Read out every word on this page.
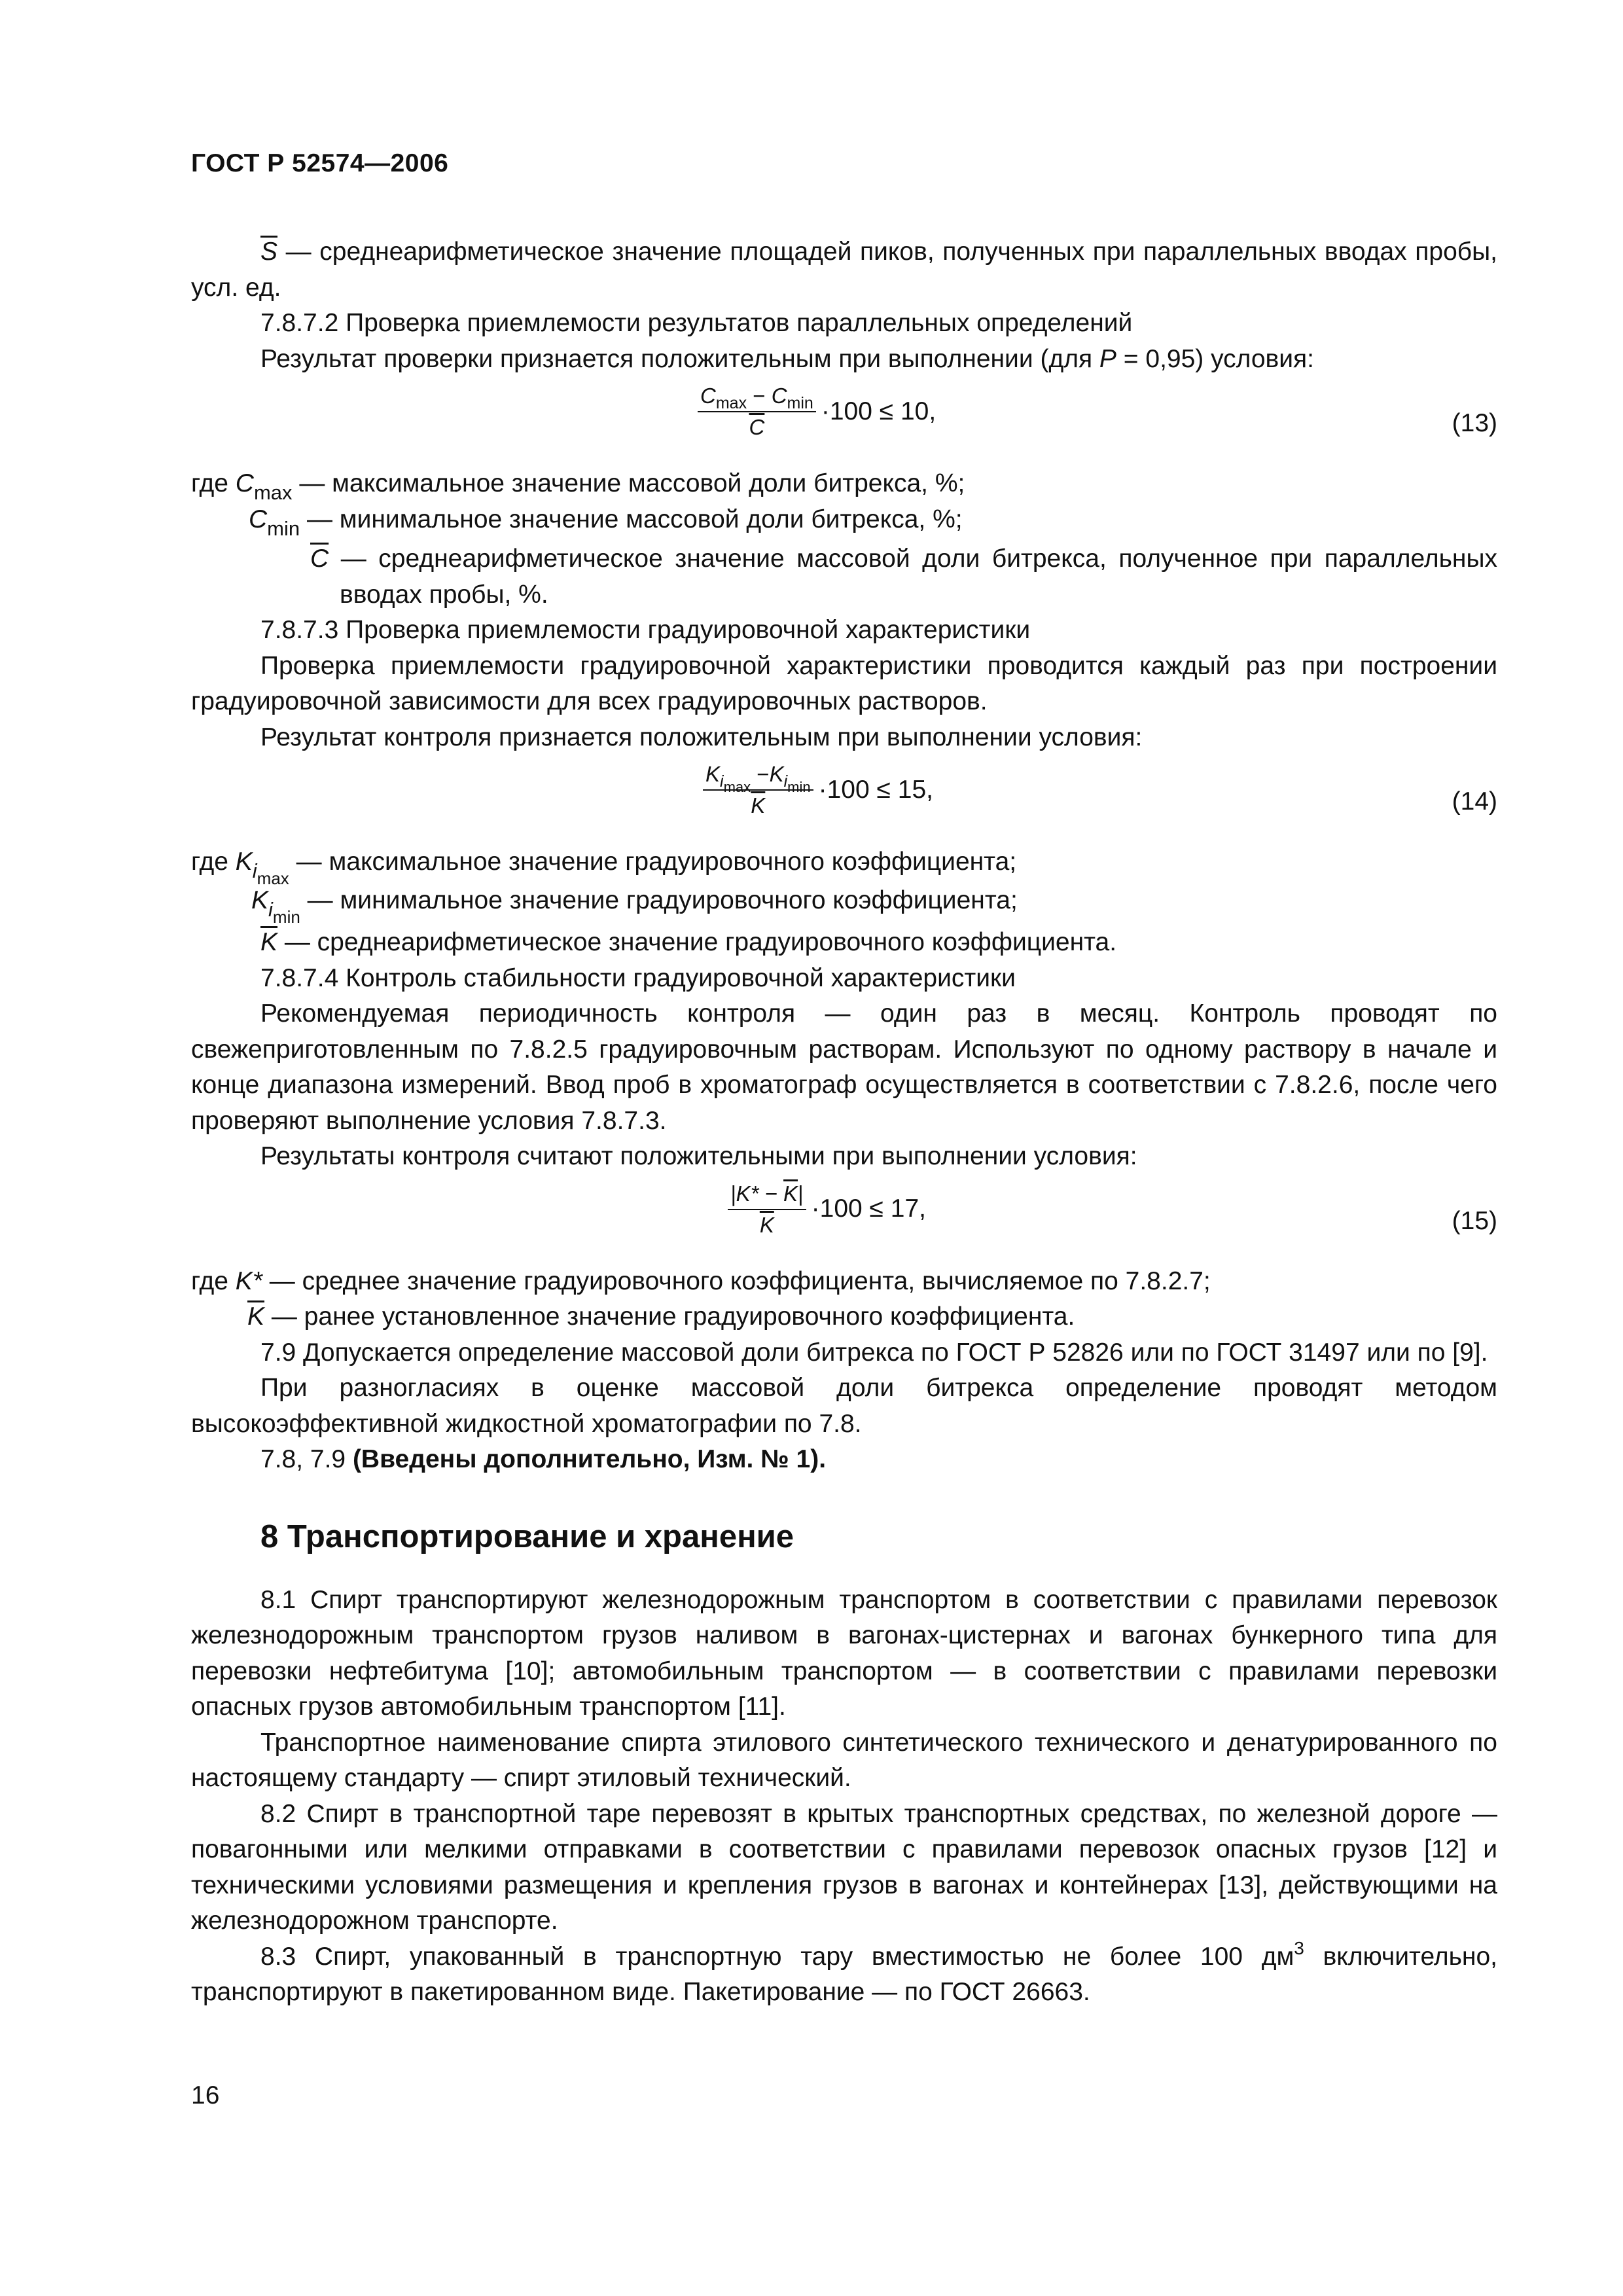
ГОСТ Р 52574—2006

$\overline{S}$ — среднеарифметическое значение площадей пиков, полученных при параллельных вводах пробы, усл. ед.

7.8.7.2 Проверка приемлемости результатов параллельных определений

Результат проверки признается положительным при выполнении (для P = 0,95) условия:

$\frac{C_{max} - C_{min}}{C} \cdot 100 \le 10$,	(13)

где $C_{max}$ — максимальное значение массовой доли битрекса, %;

$C_{min}$ — минимальное значение массовой доли битрекса, %;

$\overline{C}$ — среднеарифметическое значение массовой доли битрекса, полученное при параллельных вводах пробы, %.

7.8.7.3 Проверка приемлемости градуировочной характеристики

Проверка приемлемости градуировочной характеристики проводится каждый раз при построении градуировочной зависимости для всех градуировочных растворов.

Результат контроля признается положительным при выполнении условия:

$\frac{K_{imax} -K_{imin}}{K} \cdot 100 \le 15$,	(14)

где $K_{imax}$ — максимальное значение градуировочного коэффициента;

$K_{imin}$ — минимальное значение градуировочного коэффициента;

$\overline{K}$ — среднеарифметическое значение градуировочного коэффициента.

7.8.7.4 Контроль стабильности градуировочной характеристики

Рекомендуемая периодичность контроля — один раз в месяц. Контроль проводят по свежеприготовленным по 7.8.2.5 градуировочным растворам. Используют по одному раствору в начале и конце диапазона измерений. Ввод проб в хроматограф осуществляется в соответствии с 7.8.2.6, после чего проверяют выполнение условия 7.8.7.3.

Результаты контроля считают положительными при выполнении условия:

$\frac{|K* - \overline{K}|}{K} \cdot 100 \le 17$,	(15)

где K* — среднее значение градуировочного коэффициента, вычисляемое по 7.8.2.7;

$\overline{K}$ — ранее установленное значение градуировочного коэффициента.

7.9 Допускается определение массовой доли битрекса по ГОСТ Р 52826 или по ГОСТ 31497 или по [9].

При разногласиях в оценке массовой доли битрекса определение проводят методом высокоэффективной жидкостной хроматографии по 7.8.

7.8, 7.9 (Введены дополнительно, Изм. № 1).

8 Транспортирование и хранение

8.1 Спирт транспортируют железнодорожным транспортом в соответствии с правилами перевозок железнодорожным транспортом грузов наливом в вагонах-цистернах и вагонах бункерного типа для перевозки нефтебитума [10]; автомобильным транспортом — в соответствии с правилами перевозки опасных грузов автомобильным транспортом [11].

Транспортное наименование спирта этилового синтетического технического и денатурированного по настоящему стандарту — спирт этиловый технический.

8.2 Спирт в транспортной таре перевозят в крытых транспортных средствах, по железной дороге — повагонными или мелкими отправками в соответствии с правилами перевозок опасных грузов [12] и техническими условиями размещения и крепления грузов в вагонах и контейнерах [13], действующими на железнодорожном транспорте.

8.3 Спирт, упакованный в транспортную тару вместимостью не более 100 $дм^3$ включительно, транспортируют в пакетированном виде. Пакетирование — по ГОСТ 26663.

16
